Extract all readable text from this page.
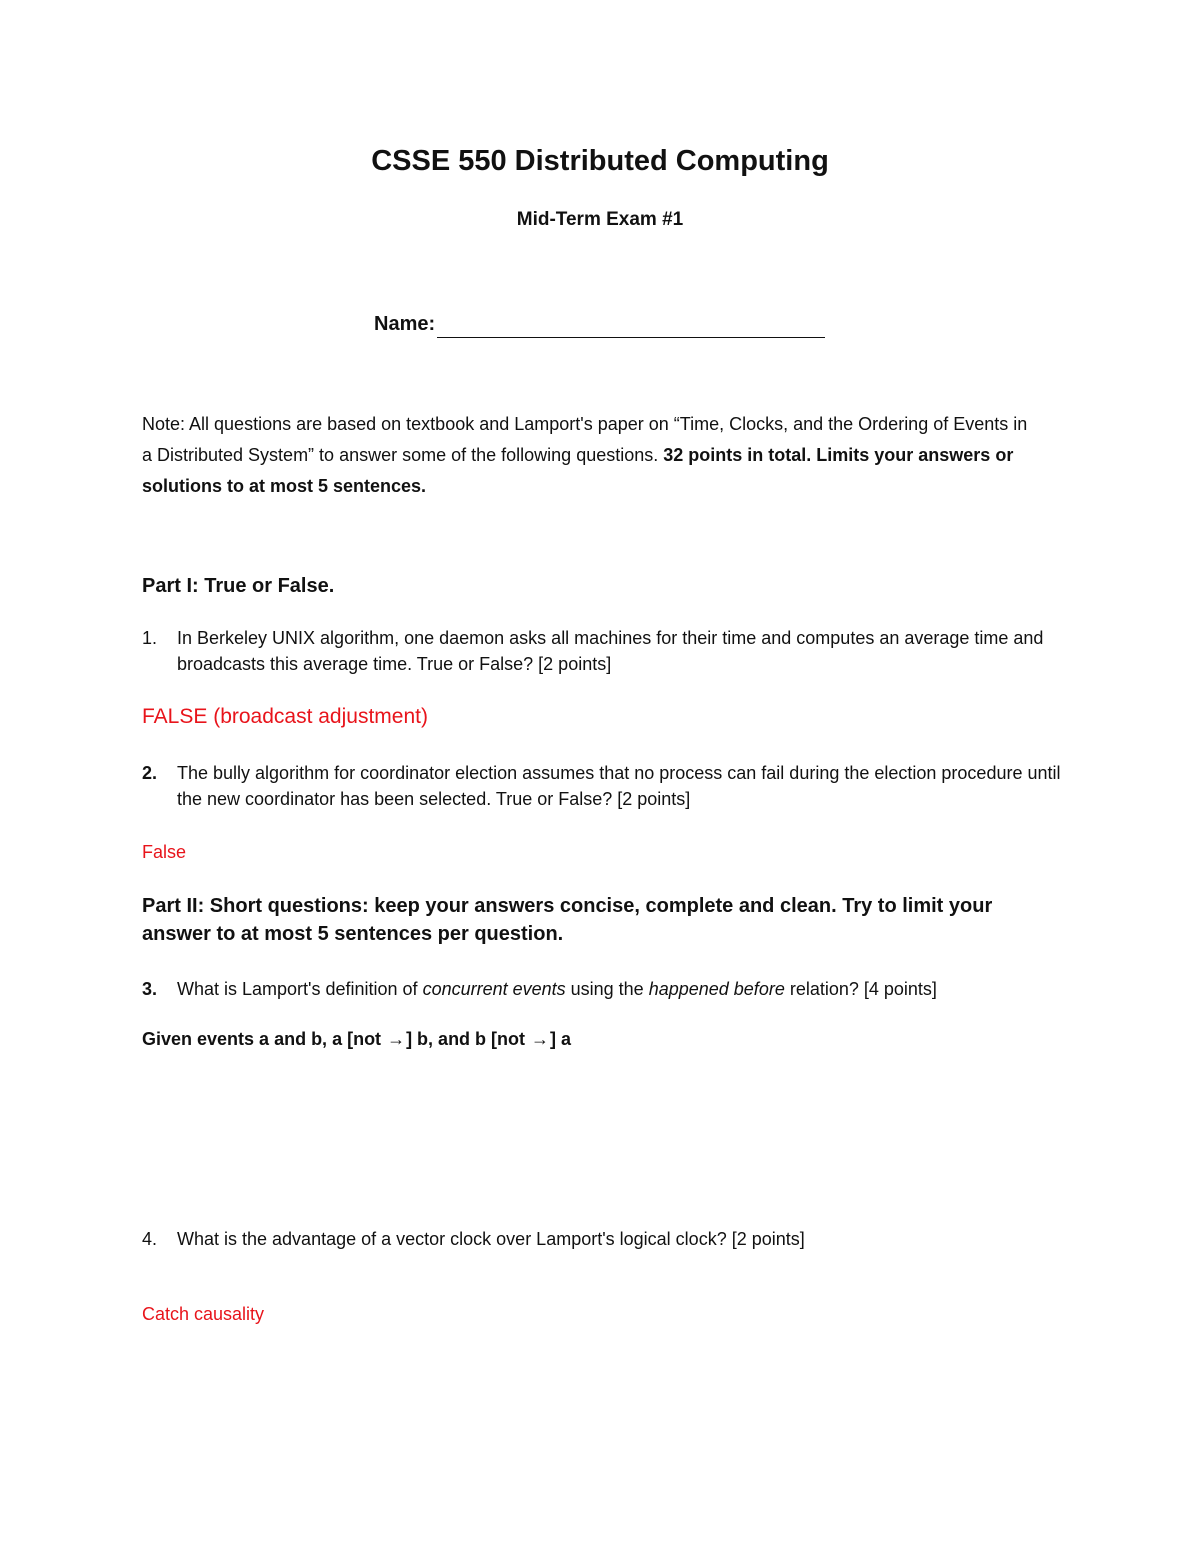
CSSE 550 Distributed Computing
Mid-Term Exam #1
Name:
Note: All questions are based on textbook and Lamport's paper on “Time, Clocks, and the Ordering of Events in a Distributed System” to answer some of the following questions. 32 points in total. Limits your answers or solutions to at most 5 sentences.
Part I: True or False.
1. In Berkeley UNIX algorithm, one daemon asks all machines for their time and computes an average time and broadcasts this average time. True or False? [2 points]
FALSE (broadcast adjustment)
2. The bully algorithm for coordinator election assumes that no process can fail during the election procedure until the new coordinator has been selected. True or False? [2 points]
False
Part II: Short questions: keep your answers concise, complete and clean. Try to limit your answer to at most 5 sentences per question.
3. What is Lamport's definition of concurrent events using the happened before relation? [4 points]
Given events a and b, a [not →] b, and b [not →] a
4. What is the advantage of a vector clock over Lamport's logical clock? [2 points]
Catch causality
